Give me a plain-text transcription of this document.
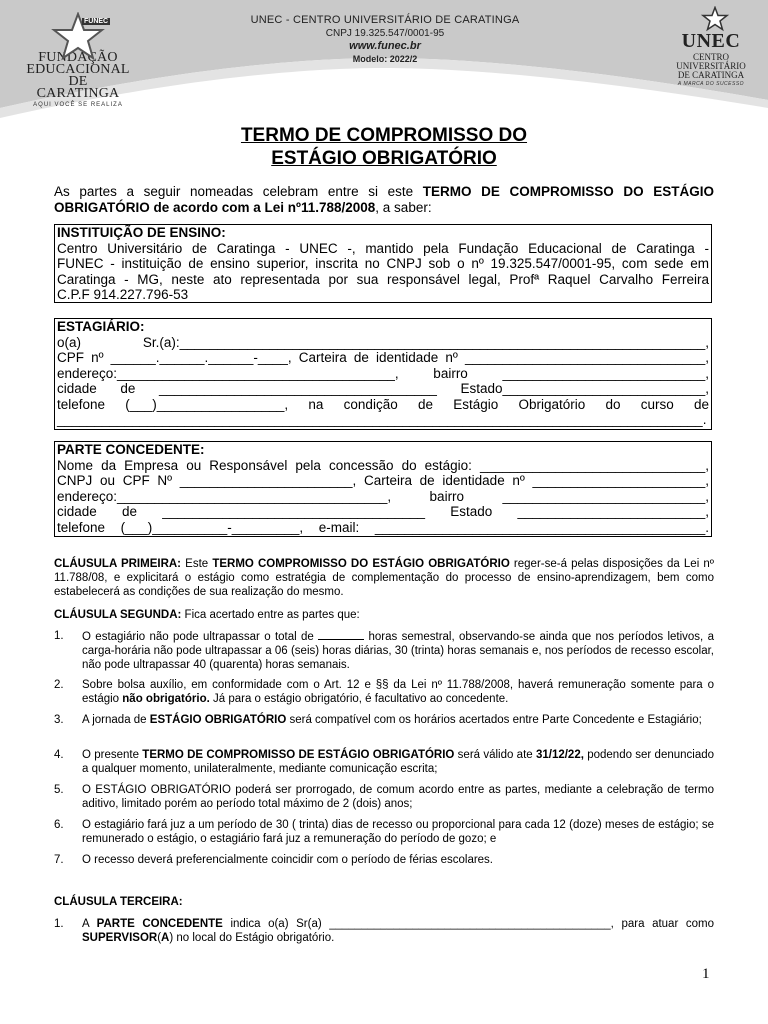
FUNEC
FUNDAÇÃO
EDUCACIONAL DE
CARATINGA
AQUI VOCÊ SE REALIZA
UNEC - CENTRO UNIVERSITÁRIO DE CARATINGA
CNPJ 19.325.547/0001-95
www.funec.br
Modelo: 2022/2
UNEC
CENTRO
UNIVERSITÁRIO
DE CARATINGA
A MARCA DO SUCESSO
TERMO DE COMPROMISSO DO
ESTÁGIO OBRIGATÓRIO
As partes a seguir nomeadas celebram entre si este TERMO DE COMPROMISSO DO ESTÁGIO OBRIGATÓRIO de acordo com a Lei nº11.788/2008, a saber:
INSTITUIÇÃO DE ENSINO:
Centro Universitário de Caratinga - UNEC -, mantido pela Fundação Educacional de Caratinga -
FUNEC - instituição de ensino superior, inscrita no CNPJ sob o nº 19.325.547/0001-95, com sede em
Caratinga - MG, neste ato representada por sua responsável legal, Profª Raquel Carvalho Ferreira
C.P.F 914.227.796-53
ESTAGIÁRIO:
o(a) Sr.(a):______________________________________________________________________,
CPF nº ______.______.______-____, Carteira de identidade nº ________________________________,
endereço:_____________________________________, bairro ___________________________,
cidade de _____________________________________ Estado___________________________,
telefone (___)_________________, na condição de Estágio Obrigatório do curso de
______________________________________________________________________________________.
PARTE CONCEDENTE:
Nome da Empresa ou Responsável pela concessão do estágio: ______________________________,
CNPJ ou CPF Nº _______________________, Carteira de identidade nº _______________________,
endereço:____________________________________, bairro ___________________________,
cidade de ___________________________________ Estado _________________________,
telefone (___)__________-_________, e-mail: ____________________________________________.
CLÁUSULA PRIMEIRA: Este TERMO COMPROMISSO DO ESTÁGIO OBRIGATÓRIO reger-se-á pelas disposições da Lei nº 11.788/08, e explicitará o estágio como estratégia de complementação do processo de ensino-aprendizagem, bem como estabelecerá as condições de sua realização do mesmo.
CLÁUSULA SEGUNDA: Fica acertado entre as partes que:
1. O estagiário não pode ultrapassar o total de	horas semestral, observando-se ainda que nos períodos letivos, a carga-horária não pode ultrapassar a 06 (seis) horas diárias, 30 (trinta) horas semanais e, nos períodos de recesso escolar, não pode ultrapassar 40 (quarenta) horas semanais.
2. Sobre bolsa auxílio, em conformidade com o Art. 12 e §§ da Lei nº 11.788/2008, haverá remuneração somente para o estágio não obrigatório. Já para o estágio obrigatório, é facultativo ao concedente.
3. A jornada de ESTÁGIO OBRIGATÓRIO será compatível com os horários acertados entre Parte Concedente e Estagiário;
4. O presente TERMO DE COMPROMISSO DE ESTÁGIO OBRIGATÓRIO será válido ate 31/12/22, podendo ser denunciado a qualquer momento, unilateralmente, mediante comunicação escrita;
5. O ESTÁGIO OBRIGATÓRIO poderá ser prorrogado, de comum acordo entre as partes, mediante a celebração de termo aditivo, limitado porém ao período total máximo de 2 (dois) anos;
6. O estagiário fará juz a um período de 30 ( trinta) dias de recesso ou proporcional para cada 12 (doze) meses de estágio; se remunerado o estágio, o estagiário fará juz a remuneração do período de gozo; e
7. O recesso deverá preferencialmente coincidir com o período de férias escolares.
CLÁUSULA TERCEIRA:
1. A PARTE CONCEDENTE indica o(a) Sr(a) ____________________________________________, para atuar como SUPERVISOR(A) no local do Estágio obrigatório.
1
